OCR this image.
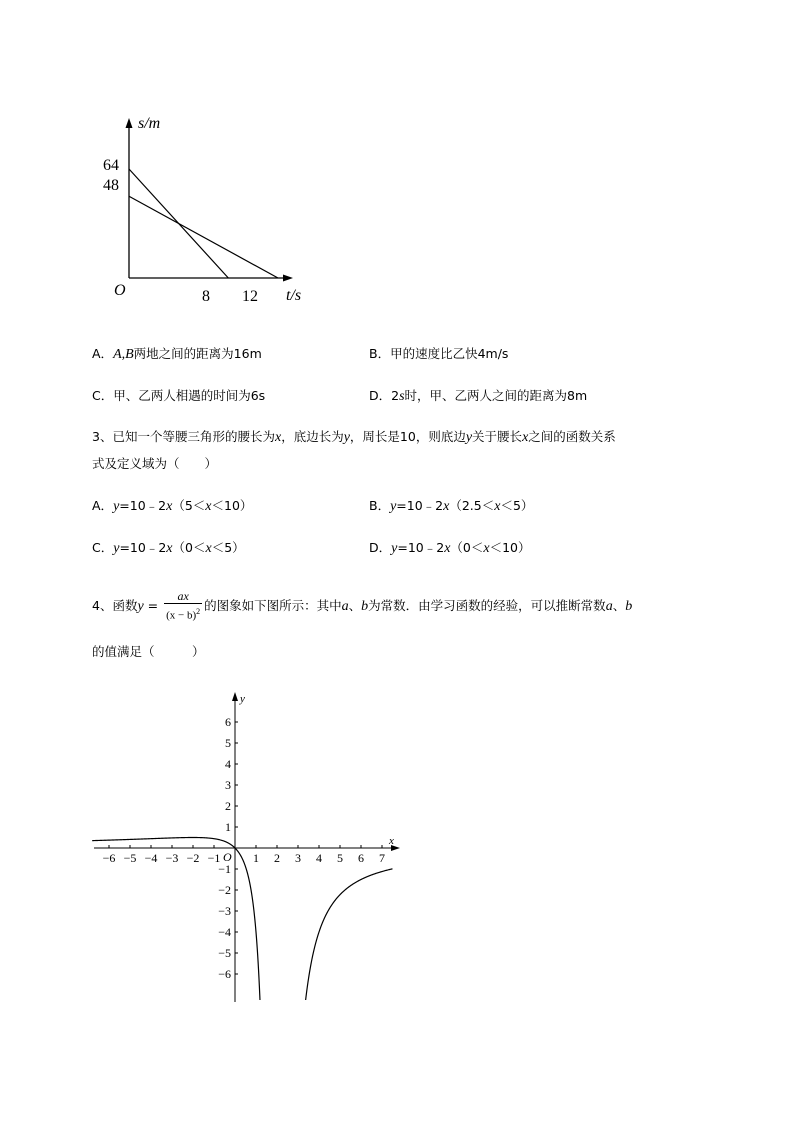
s/m
t/s
O
64
48
8 12
A．A,B两地之间的距离为16m	B．甲的速度比乙快4m/s
C．甲、乙两人相遇的时间为6s	D．2s时，甲、乙两人之间的距离为8m
3、已知一个等腰三角形的腰长为x，底边长为y，周长是10，则底边y关于腰长x之间的函数关系
式及定义域为（　　）
A．y=10﹣2x（5＜x＜10）	B．y=10﹣2x（2.5＜x＜5）
C．y=10﹣2x（0＜x＜5）	D．y=10﹣2x（0＜x＜10）
4、函数$y = \frac{ax}{(x - b)^2}$ 的图象如下图所示：其中a、b为常数．由学习函数的经验，可以推断常数a、b
的值满足（　　　）
−6 −5 −4 −3 −2 −1	1 2 3 4 5 6 7
6
5
4
3
2
1
−1
−2
−3
−4
−5
−6
x
y
O
